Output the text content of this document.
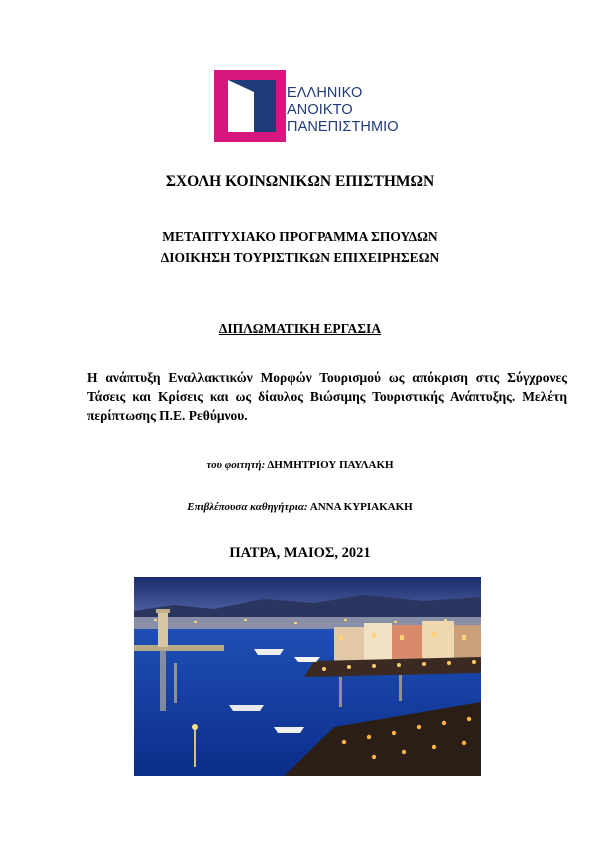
ΕΛΛΗΝΙΚΟ
ΑΝΟΙΚΤΟ
ΠΑΝΕΠΙΣΤΗΜΙΟ
ΣΧΟΛΗ ΚΟΙΝΩΝΙΚΩΝ ΕΠΙΣΤΗΜΩΝ
ΜΕΤΑΠΤΥΧΙΑΚΟ ΠΡΟΓΡΑΜΜΑ ΣΠΟΥΔΩΝ
ΔΙΟΙΚΗΣΗ ΤΟΥΡΙΣΤΙΚΩΝ ΕΠΙΧΕΙΡΗΣΕΩΝ
ΔΙΠΛΩΜΑΤΙΚΗ ΕΡΓΑΣΙΑ
Η ανάπτυξη Εναλλακτικών Μορφών Τουρισμού ως απόκριση στις Σύγχρονες
Τάσεις και Κρίσεις και ως δίαυλος Βιώσιμης Τουριστικής Ανάπτυξης. Μελέτη
περίπτωσης Π.Ε. Ρεθύμνου.
του φοιτητή: ΔΗΜΗΤΡΙΟΥ ΠΑΥΛΑΚΗ
Επιβλέπουσα καθηγήτρια: ΑΝΝΑ ΚΥΡΙΑΚΑΚΗ
ΠΑΤΡΑ, ΜΑΙΟΣ, 2021
